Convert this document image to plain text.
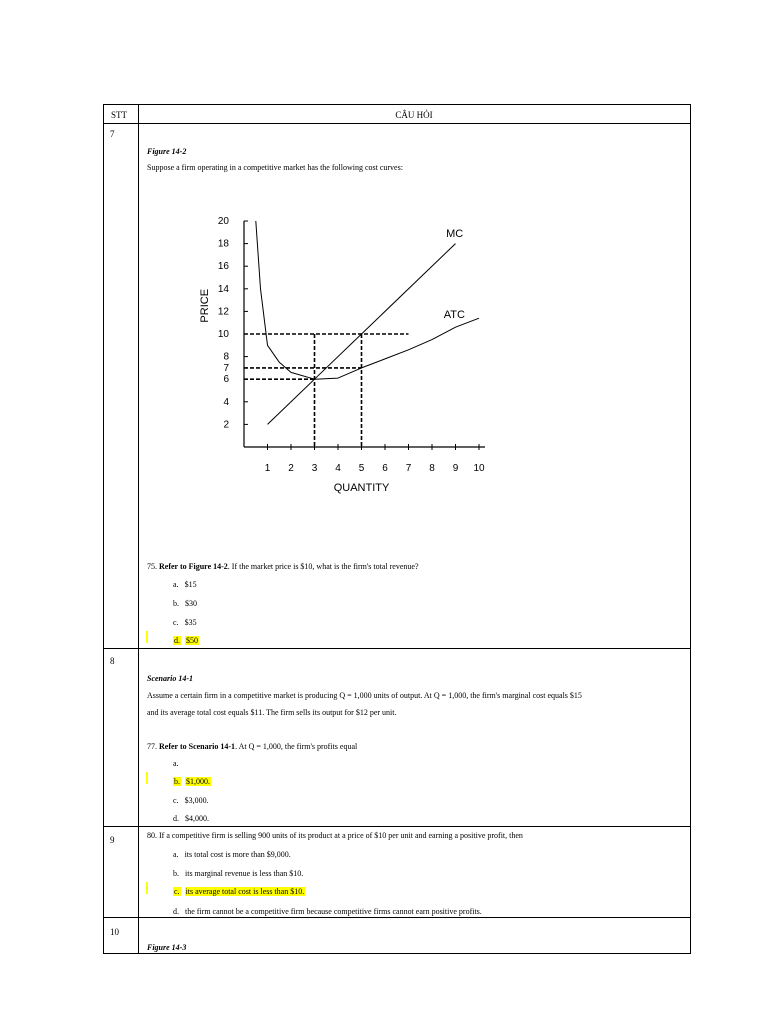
STT	CÂU HỎI
7
Figure 14-2
Suppose a firm operating in a competitive market has the following cost curves:
2
4
6
7
8
10
12
14
16
18
20
1 2 3 4 5 6 7 8 9 10
QUANTITY
PRICE
MC
ATC
75. Refer to Figure 14-2. If the market price is $10, what is the firm's total revenue?
a. $15
b. $30
c. $35
d. $50
8
Scenario 14-1
Assume a certain firm in a competitive market is producing Q = 1,000 units of output. At Q = 1,000, the firm's marginal cost equals $15
and its average total cost equals $11. The firm sells its output for $12 per unit.
77. Refer to Scenario 14-1. At Q = 1,000, the firm's profits equal
a.
b. $1,000.
c. $3,000.
d. $4,000.
9	80. If a competitive firm is selling 900 units of its product at a price of $10 per unit and earning a positive profit, then
a. its total cost is more than $9,000.
b. its marginal revenue is less than $10.
c. its average total cost is less than $10.
d. the firm cannot be a competitive firm because competitive firms cannot earn positive profits.
10
Figure 14-3
